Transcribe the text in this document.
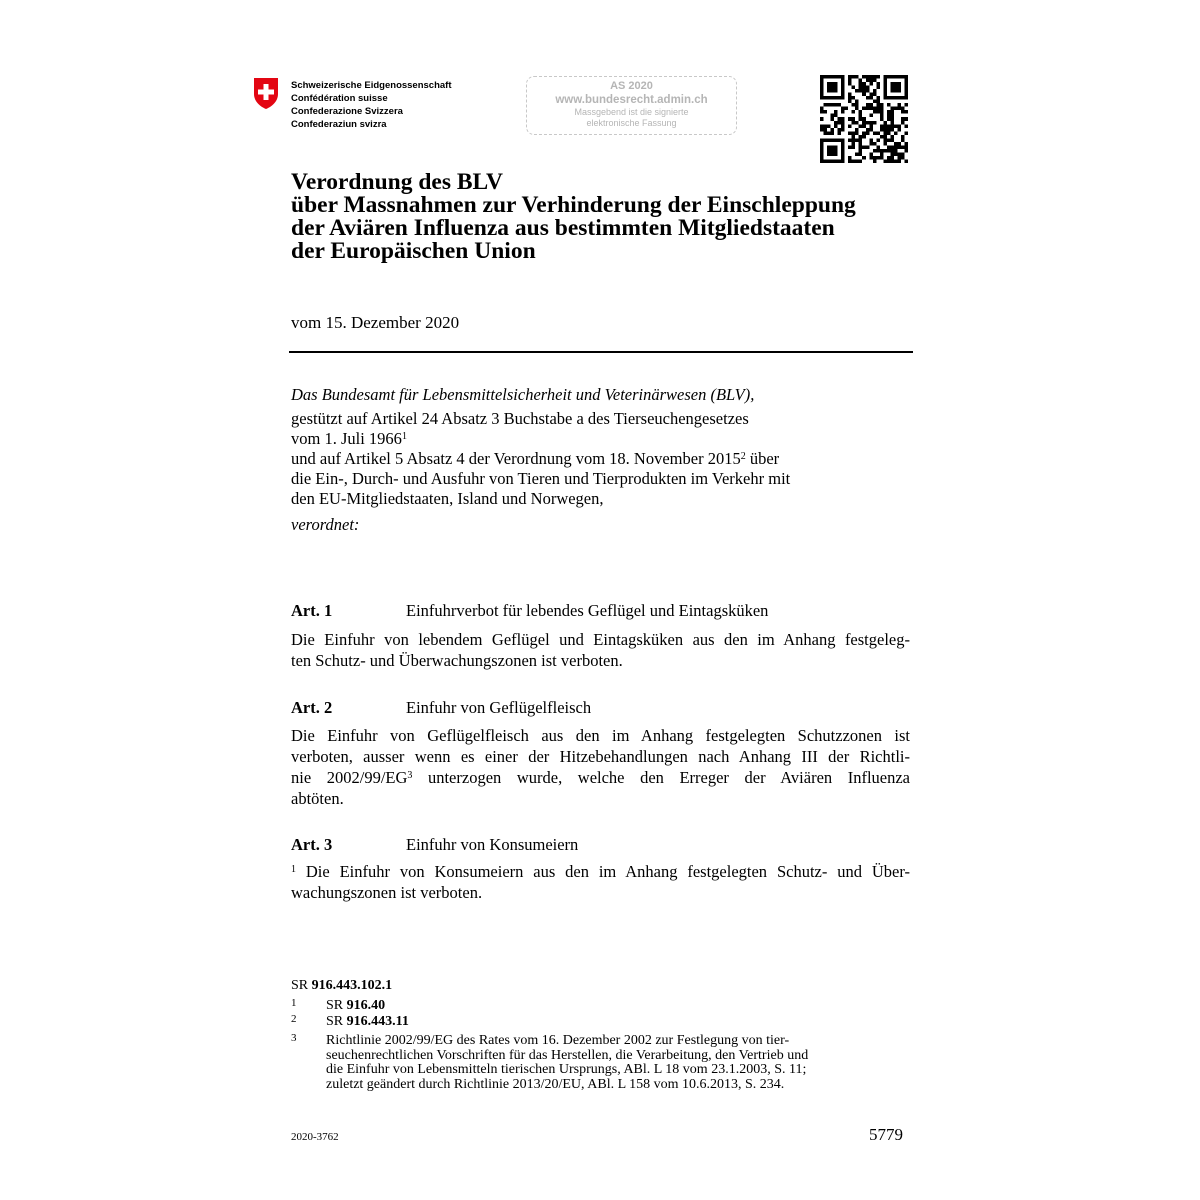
Schweizerische Eidgenossenschaft
Confédération suisse
Confederazione Svizzera
Confederaziun svizra
AS 2020
www.bundesrecht.admin.ch
Massgebend ist die signierte
elektronische Fassung
Verordnung des BLV
über Massnahmen zur Verhinderung der Einschleppung
der Aviären Influenza aus bestimmten Mitgliedstaaten
der Europäischen Union
vom 15. Dezember 2020
Das Bundesamt für Lebensmittelsicherheit und Veterinärwesen (BLV),
gestützt auf Artikel 24 Absatz 3 Buchstabe a des Tierseuchengesetzes
vom 1. Juli 1966$^1$
und auf Artikel 5 Absatz 4 der Verordnung vom 18. November 2015$^2$ über
die Ein-, Durch- und Ausfuhr von Tieren und Tierprodukten im Verkehr mit
den EU-Mitgliedstaaten, Island und Norwegen,
verordnet:
Art. 1	Einfuhrverbot für lebendes Geflügel und Eintagsküken
Die Einfuhr von lebendem Geflügel und Eintagsküken aus den im Anhang festgeleg-
ten Schutz- und Überwachungszonen ist verboten.
Art. 2	Einfuhr von Geflügelfleisch
Die Einfuhr von Geflügelfleisch aus den im Anhang festgelegten Schutzzonen ist
verboten, ausser wenn es einer der Hitzebehandlungen nach Anhang III der Richtli-
nie $2002/99/EG^3$ unterzogen wurde, welche den Erreger der Aviären Influenza
abtöten.
Art. 3	Einfuhr von Konsumeiern
$^1$ Die Einfuhr von Konsumeiern aus den im Anhang festgelegten Schutz- und Über-
wachungszonen ist verboten.
SR 916.443.102.1
1 SR 916.40
2 SR 916.443.11
3 Richtlinie 2002/99/EG des Rates vom 16. Dezember 2002 zur Festlegung von tier-
seuchenrechtlichen Vorschriften für das Herstellen, die Verarbeitung, den Vertrieb und
die Einfuhr von Lebensmitteln tierischen Ursprungs, ABl. L 18 vom 23.1.2003, S. 11;
zuletzt geändert durch Richtlinie 2013/20/EU, ABl. L 158 vom 10.6.2013, S. 234.
2020-3762	5779
